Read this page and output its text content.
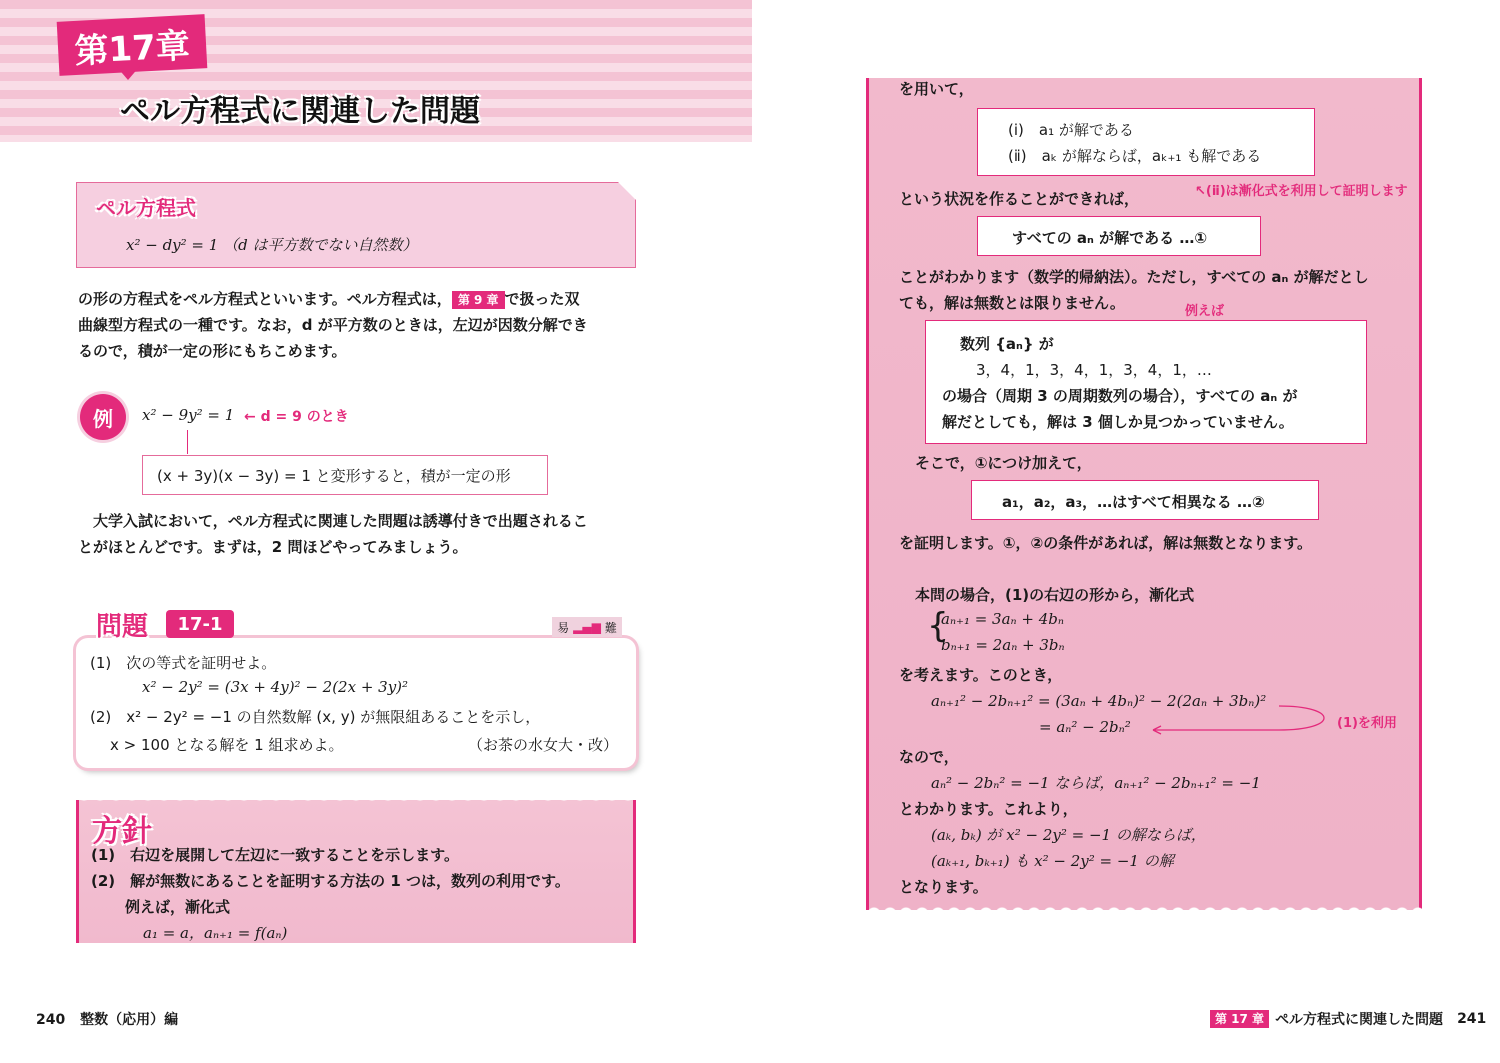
第17章
ペル方程式に関連した問題
ペル方程式
x² − dy² = 1 （d は平方数でない自然数）
の形の方程式をペル方程式といいます。ペル方程式は， 第 9 章 で扱った双
曲線型方程式の一種です。なお，d が平方数のときは，左辺が因数分解でき
るので，積が一定の形にもちこめます。
例	x² − 9y² = 1 ← d = 9 のとき
(x + 3y)(x − 3y) = 1 と変形すると，積が一定の形
大学入試において，ペル方程式に関連した問題は誘導付きで出題されるこ
とがほとんどです。まずは，2 問ほどやってみましょう。
(1)　次の等式を証明せよ。
x² − 2y² = (3x + 4y)² − 2(2x + 3y)²
(2)　x² − 2y² = −1 の自然数解 (x, y) が無限組あることを示し，
x > 100 となる解を 1 組求めよ。	（お茶の水女大・改）
問題	17-1	易 ▂▄▆ 難
(1)　右辺を展開して左辺に一致することを示します。
(2)　解が無数にあることを証明する方法の 1 つは，数列の利用です。
例えば，漸化式
a₁ = a，aₙ₊₁ = f(aₙ)
方針
を用いて，
(ⅰ)　a₁ が解である
(ⅱ)　aₖ が解ならば，aₖ₊₁ も解である
↖(ⅱ)は漸化式を利用して証明します
という状況を作ることができれば，
すべての aₙ が解である …①
ことがわかります（数学的帰納法）。ただし，すべての aₙ が解だとし
ても，解は無数とは限りません。	例えば
数列 {aₙ} が
3，4，1，3，4，1，3，4，1，…
の場合（周期 3 の周期数列の場合），すべての aₙ が
解だとしても，解は 3 個しか見つかっていません。
そこで，①につけ加えて，
a₁，a₂，a₃，…はすべて相異なる …②
を証明します。①，②の条件があれば，解は無数となります。
本問の場合，(1)の右辺の形から，漸化式
{
aₙ₊₁ = 3aₙ + 4bₙ
bₙ₊₁ = 2aₙ + 3bₙ
を考えます。このとき，
aₙ₊₁² − 2bₙ₊₁² = (3aₙ + 4bₙ)² − 2(2aₙ + 3bₙ)²
= aₙ² − 2bₙ²	(1)を利用
なので，
aₙ² − 2bₙ² = −1 ならば，aₙ₊₁² − 2bₙ₊₁² = −1
とわかります。これより，
(aₖ, bₖ) が x² − 2y² = −1 の解ならば，
(aₖ₊₁, bₖ₊₁) も x² − 2y² = −1 の解
となります。
240 整数（応用）編	第 17 章 ペル方程式に関連した問題 241
